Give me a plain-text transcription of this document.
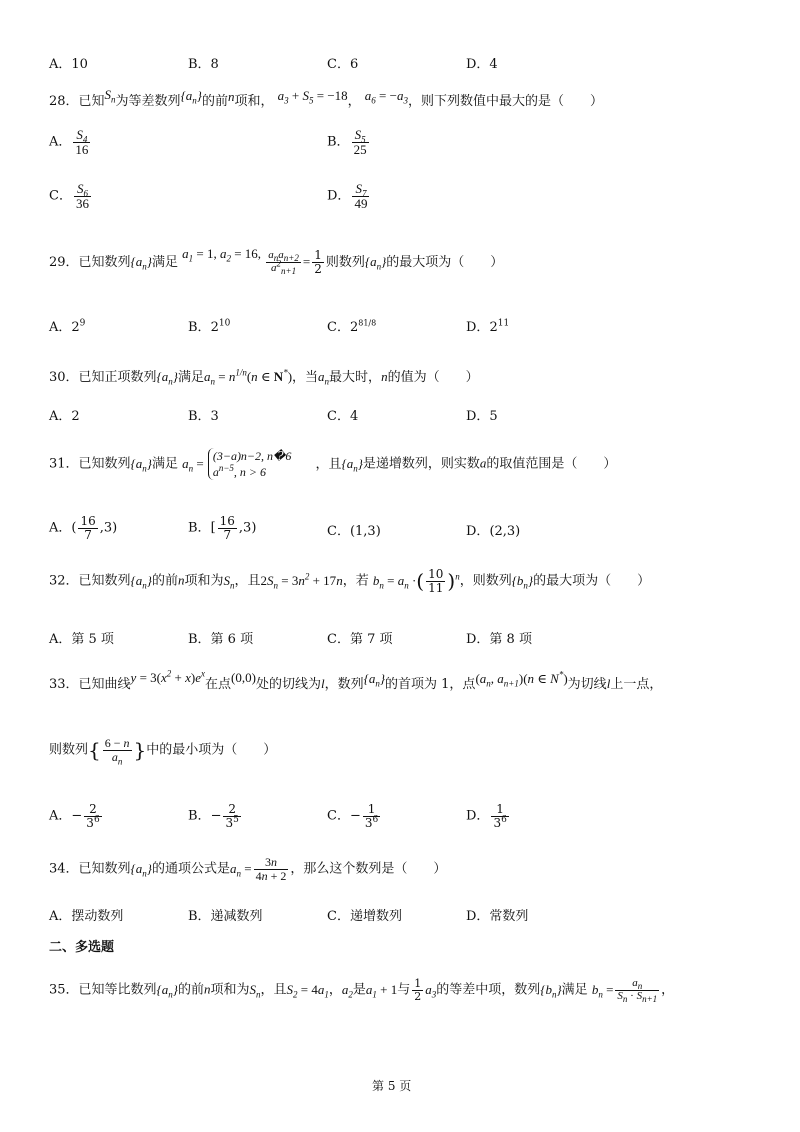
A．10	B．8	C．6	D．4
28．已知$^{S_n}$为等差数列$\{a_n\}$的前n项和， $a_3 + S_5 = -18$， $a_6 = -a_3$，则下列数值中最大的是（　　）
A． $\frac{S_4}{16}$	B． $\frac{S_5}{25}$
C． $\frac{S_6}{36}$	D． $\frac{S_7}{49}$
29．已知数列$\{a_n\}$满足 $a_1 = 1$, $a_2 = 16$, $\frac{a_na_{n+2}}{a^2_{n+1}} = \frac{1}{2}$ 则数列$\{a_n\}$的最大项为（　　）
A．$2^9$	B．$2^{10}$	C．$2^{81/8}$	D．$2^{11}$
30．已知正项数列$\{a_n\}$满足$a_n = n^{1/n}(n$ ∈ N*)，当$a_n$最大时，n的值为（　　）
A．2	B．3	C．4	D．5
31．已知数列$\{a_n\}$满足 $a_n = (3-a)n-2$, n�6
$a^{n-5}$, n > 6
，且$\{a_n\}$是递增数列，则实数a的取值范围是（　　）
A．( $\frac{16}{7} ,3$)	B．[ $\frac{16}{7} ,3$)	C．(1,3)	D．(2,3)
32．已知数列$\{a_n\}$的前n项和为$S_n$，且$2S_n = 3n^2 + 17n$，若 $b_n = a_n$ ·( $\frac{10}{11} )^n$，则数列$\{b_n\}$的最大项为（　　）
A．第 5 项	B．第 6 项	C．第 7 项	D．第 8 项
33．已知曲线$y = 3(x^2 + x)e^x$在点(0,0)处的切线为l，数列$\{a_n\}$的首项为 1，点($a_n$, $a_{n+1})(n$ ∈ N*)为切线l上一点，
则数列{ $\frac{6 - n}{a_n}$ }中的最小项为（　　）
A．− $\frac{2}{3^6}$	B．− $\frac{2}{3^5}$	C．− $\frac{1}{3^6}$	D． $\frac{1}{3^6}$
34．已知数列$\{a_n\}$的通项公式是$a_n = \frac{3n}{4n + 2}$ ，那么这个数列是（　　）
A．摆动数列	B．递减数列	C．递增数列	D．常数列
二、多选题
35．已知等比数列$\{a_n\}$的前n项和为$S_n$，且$S_2 = 4a_1$，$a_2$是$a_1 + 1$与 $\frac{1}{2} a_3$的等差中项，数列$\{b_n\}$满足 $b_n = \frac{a_n}{S_n \cdot S_{n+1}}$ ，
第 5 页
